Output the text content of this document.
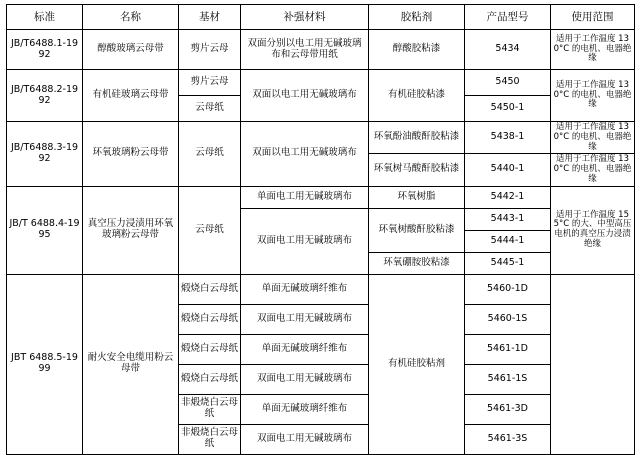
标准	名称	基材	补强材料	胶粘剂	产品型号	使用范围
JB/T6488.1-1992	醇酸玻璃云母带	剪片云母	双面分别以电工用无碱玻璃布和云母带用纸	醇酸胶粘漆	5434	适用于工作温度 130°C 的电机、电器绝缘
JB/T6488.2-1992	有机硅玻璃云母带	剪片云母	双面以电工用无碱玻璃布	有机硅胶粘漆	5450	适用于工作温度 130°C 的电机、电器绝缘
		云母纸			5450-1	
JB/T6488.3-1992	环氧玻璃粉云母带	云母纸	双面以电工用无碱玻璃布	环氧酚油酸酐胶粘漆	5438-1	适用于工作温度 130°C 的电机、电器绝缘
				环氧树马酸酐胶粘漆	5440-1	适用于工作温度 130°C 的电机、电器绝缘
JB/T 6488.4-1995	真空压力浸渍用环氧玻璃粉云母带	云母纸	单面电工用无碱玻璃布	环氧树脂	5442-1	适用于工作温度 155°C 的大、中型高压电机的真空压力浸渍绝缘
			双面电工用无碱玻璃布	环氧树酸酐胶粘漆	5443-1	
					5444-1	
				环氧硼胺胶粘漆	5445-1	
JBT 6488.5-1999	耐火安全电缆用粉云母带	煅烧白云母纸	单面无碱玻璃纤维布	有机硅胶粘剂	5460-1D	
		煅烧白云母纸	双面电工用无碱玻璃布		5460-1S	
		煅烧白云母纸	单面无碱玻璃纤维布		5461-1D	
		煅烧白云母纸	双面电工用无碱玻璃布		5461-1S	
		非煅烧白云母纸	单面无碱玻璃纤维布		5461-3D	
		非煅烧白云母纸	双面电工用无碱玻璃布		5461-3S	
